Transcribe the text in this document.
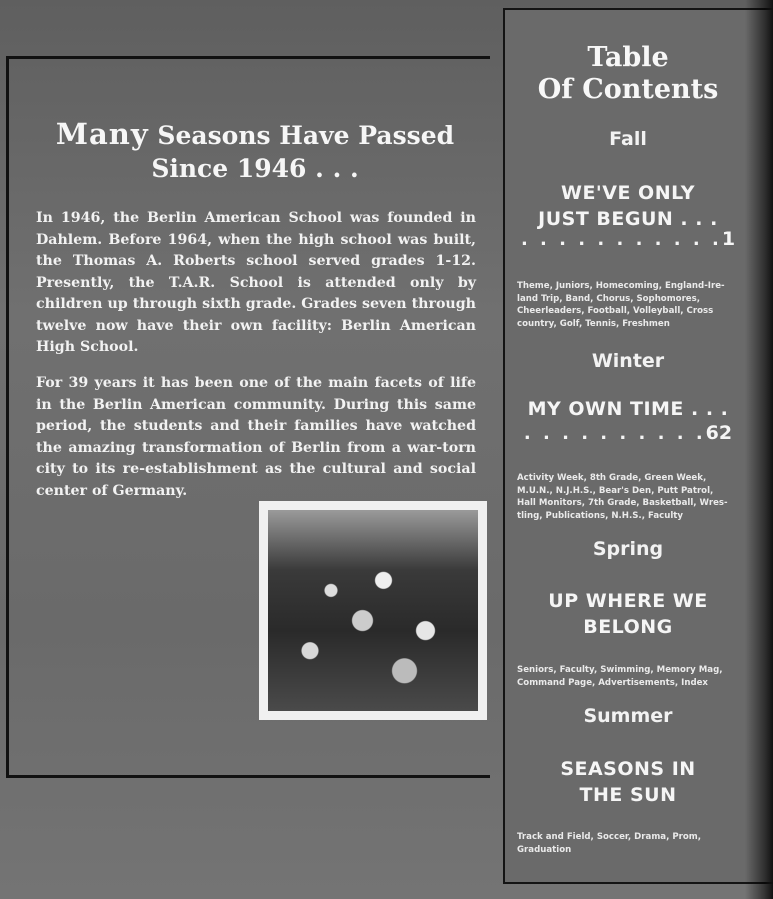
Many Seasons Have Passed
Since 1946 . . .
In 1946, the Berlin American School was founded in Dahlem. Before 1964, when the high school was built, the Thomas A. Roberts school served grades 1-12. Presently, the T.A.R. School is attended only by children up through sixth grade. Grades seven through twelve now have their own facility: Berlin American High School.
For 39 years it has been one of the main facets of life in the Berlin American community. During this same period, the students and their families have watched the amazing transformation of Berlin from a war-torn city to its re-establishment as the cultural and social center of Germany.
Table
Of Contents
Fall
WE'VE ONLY
JUST BEGUN . . .
. . . . . . . . . . .1
Theme, Juniors, Homecoming, England-Ire-
land Trip, Band, Chorus, Sophomores,
Cheerleaders, Football, Volleyball, Cross
country, Golf, Tennis, Freshmen
Winter
MY OWN TIME . . .
. . . . . . . . . .62
Activity Week, 8th Grade, Green Week,
M.U.N., N.J.H.S., Bear's Den, Putt Patrol,
Hall Monitors, 7th Grade, Basketball, Wres-
tling, Publications, N.H.S., Faculty
Spring
UP WHERE WE
BELONG
Seniors, Faculty, Swimming, Memory Mag,
Command Page, Advertisements, Index
Summer
SEASONS IN
THE SUN
Track and Field, Soccer, Drama, Prom,
Graduation
